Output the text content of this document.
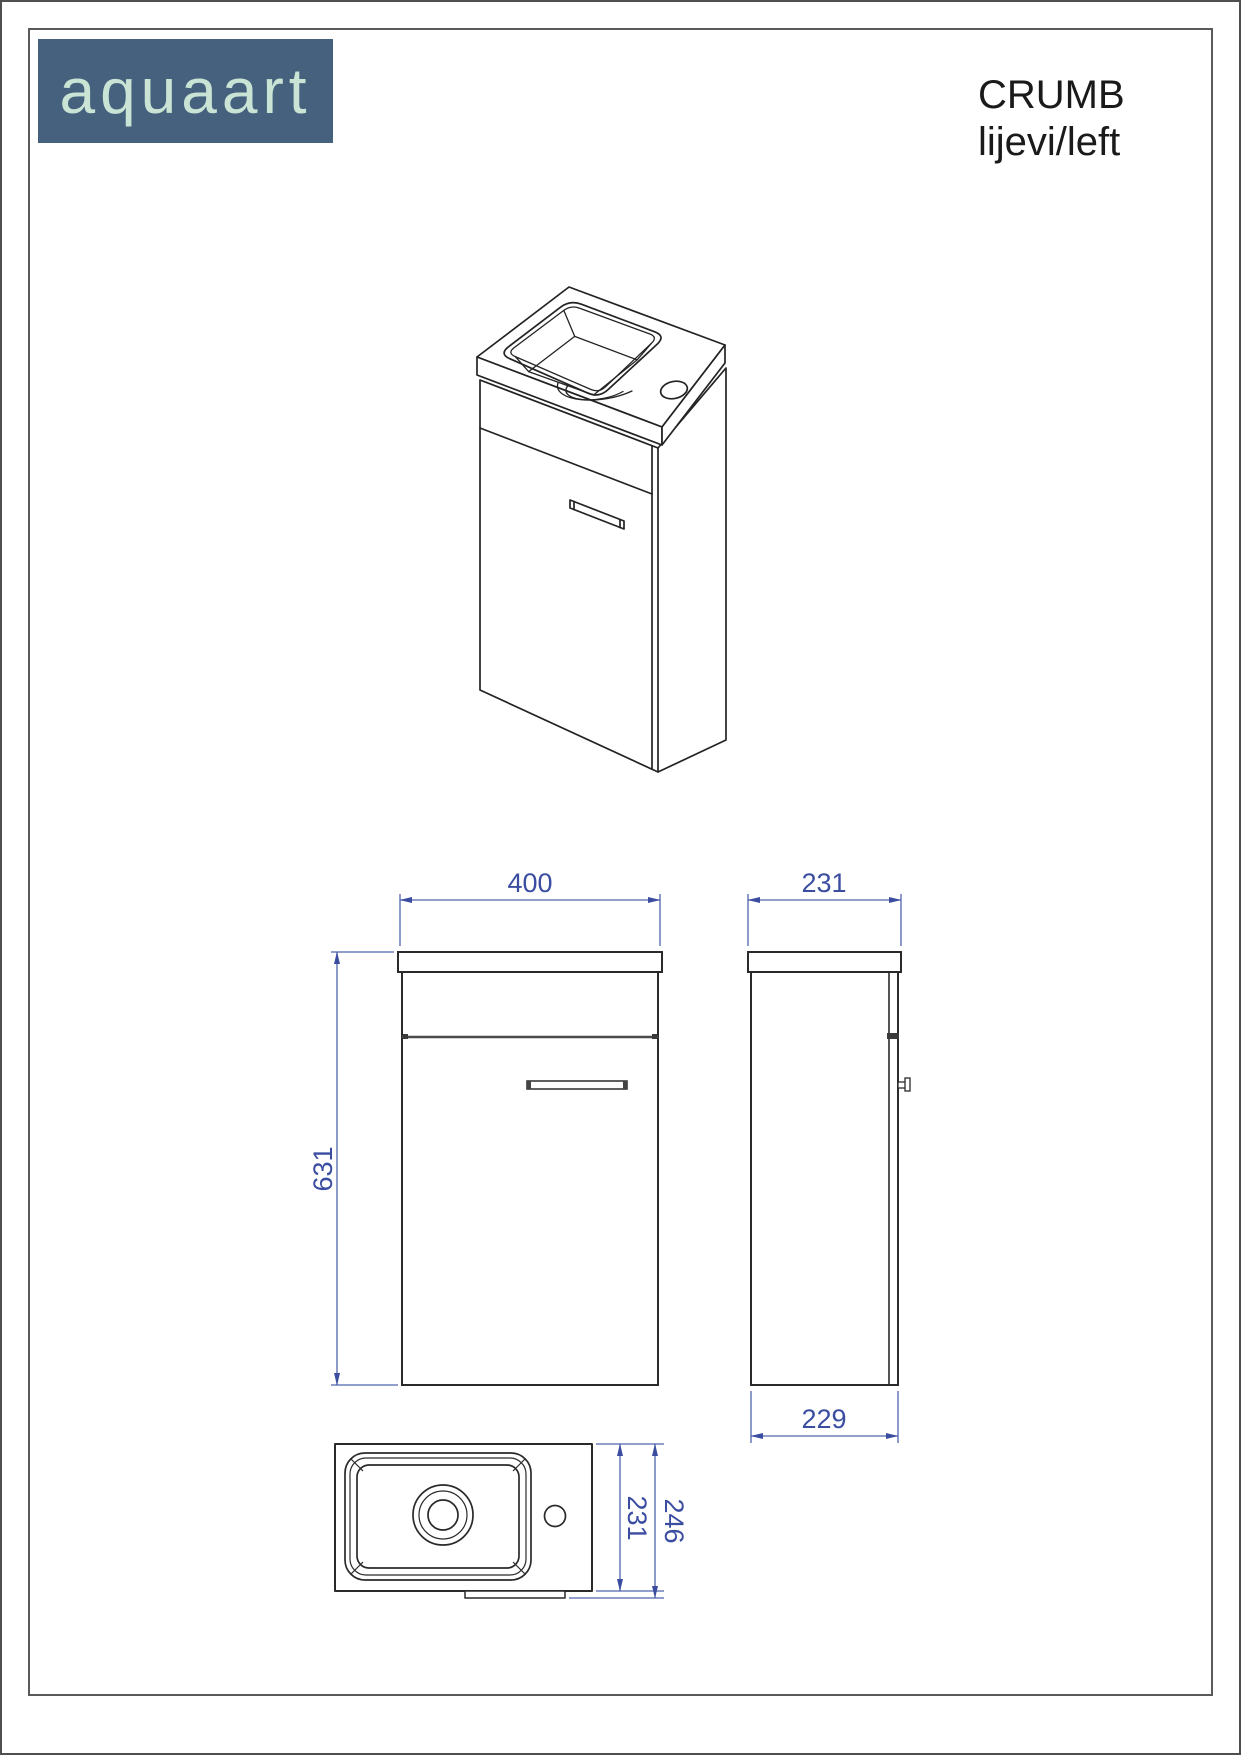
aquaart	CRUMB
lijevi/left
400
631
231
229
231 246
